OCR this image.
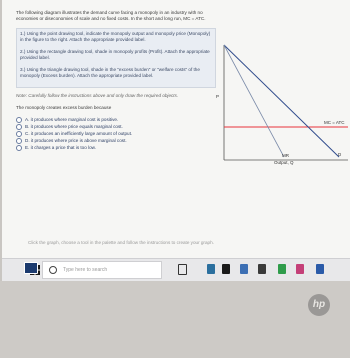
The following diagram illustrates the demand curve facing a monopoly in an industry with no economies or diseconomies of scale and no fixed costs. In the short and long run, MC = ATC.

1.) Using the point drawing tool, indicate the monopoly output and monopoly price (Monopoly) in the figure to the right. Attach the appropriate provided label.

2.) Using the rectangle drawing tool, shade in monopoly profits (Profit). Attach the appropriate provided label.

3.) Using the triangle drawing tool, shade in the "excess burden" or "welfare costs" of the monopoly (Excess burden). Attach the appropriate provided label.

Note: Carefully follow the instructions above and only draw the required objects.

The monopoly creates excess burden because

A. it produces where marginal cost is positive.
B. it produces where price equals marginal cost.
C. it produces an inefficiently large amount of output.
D. it produces where price is above marginal cost.
E. it charges a price that is too low.
P
MC = ATC
D
MR
Output, Q
Click the graph, choose a tool in the palette and follow the instructions to create your graph.
Type here to search
hp
